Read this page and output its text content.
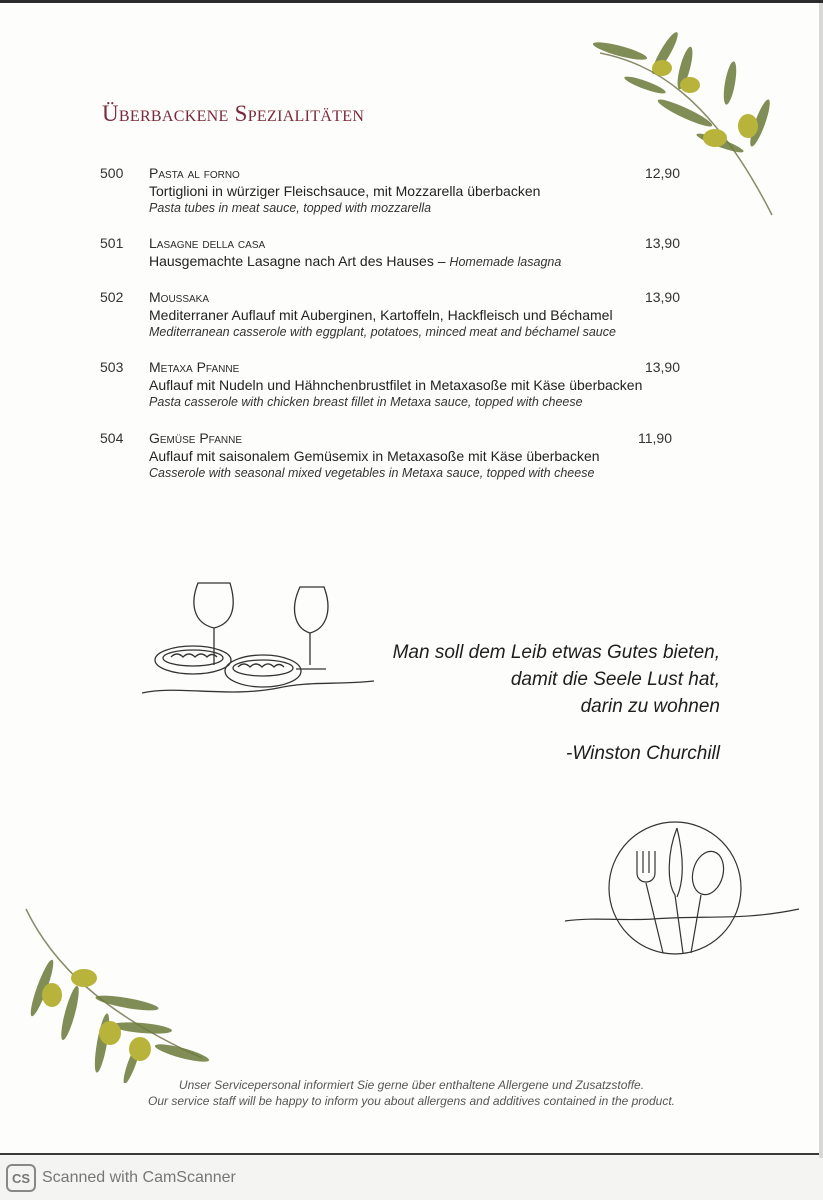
Überbackene Spezialitäten
500 Pasta al forno	12,90
Tortiglioni in würziger Fleischsauce, mit Mozzarella überbacken
Pasta tubes in meat sauce, topped with mozzarella
501 Lasagne della casa	13,90
Hausgemachte Lasagne nach Art des Hauses – Homemade lasagna
502 Moussaka	13,90
Mediterraner Auflauf mit Auberginen, Kartoffeln, Hackfleisch und Béchamel
Mediterranean casserole with eggplant, potatoes, minced meat and béchamel sauce
503 Metaxa Pfanne	13,90
Auflauf mit Nudeln und Hähnchenbrustfilet in Metaxasoße mit Käse überbacken
Pasta casserole with chicken breast fillet in Metaxa sauce, topped with cheese
504 Gemüse Pfanne	11,90
Auflauf mit saisonalem Gemüsemix in Metaxasoße mit Käse überbacken
Casserole with seasonal mixed vegetables in Metaxa sauce, topped with cheese
Man soll dem Leib etwas Gutes bieten,
damit die Seele Lust hat,
darin zu wohnen
-Winston Churchill
Unser Servicepersonal informiert Sie gerne über enthaltene Allergene und Zusatzstoffe.
Our service staff will be happy to inform you about allergens and additives contained in the product.
CS Scanned with CamScanner
